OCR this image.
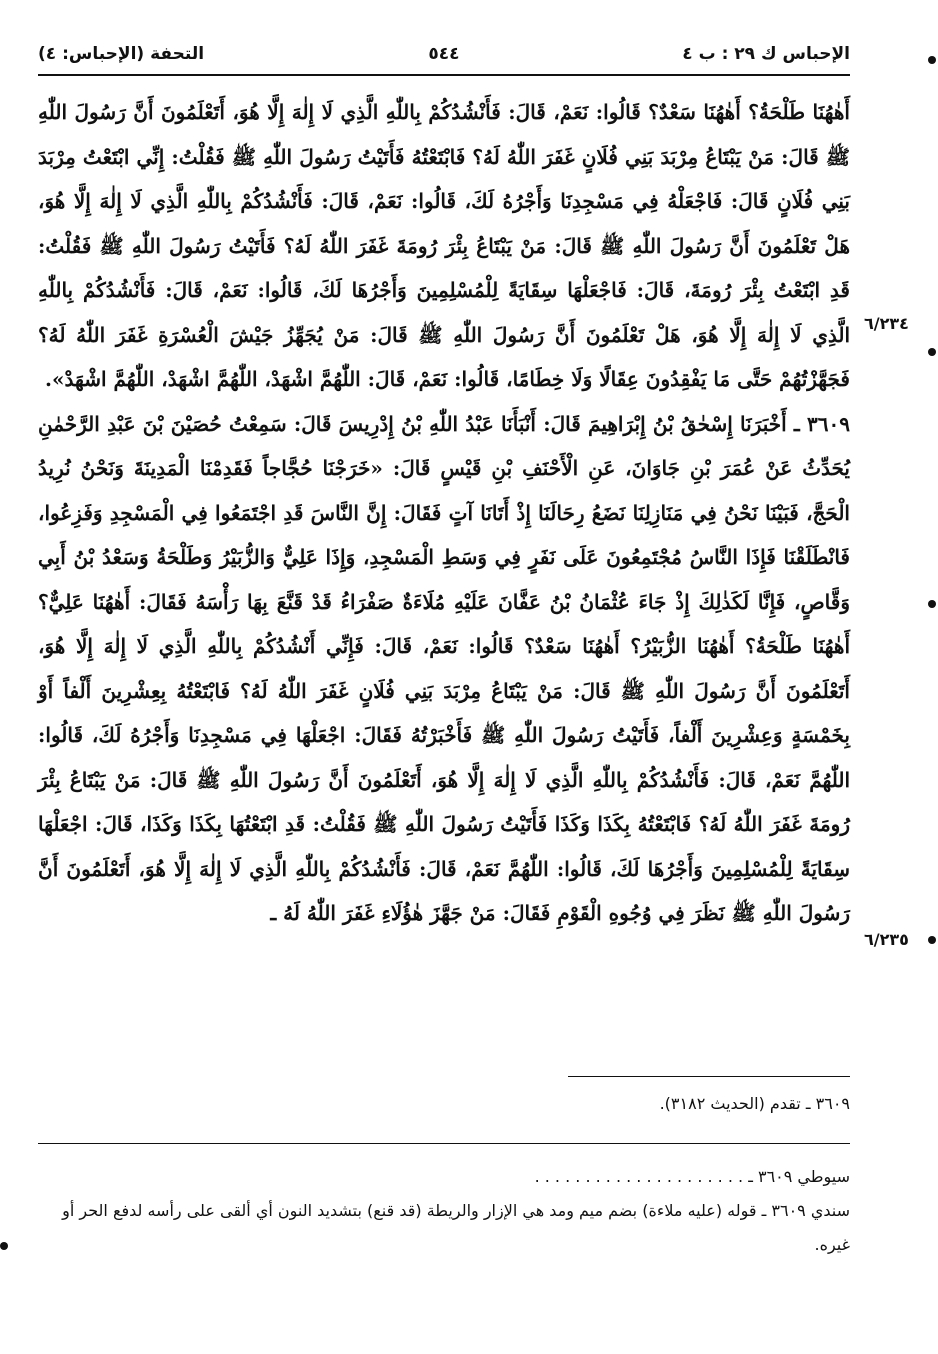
الإحباس ك ٢٩ : ب ٤
٥٤٤
التحفة (الإحباس: ٤)
٦/٢٣٤
٦/٢٣٥

أَهٰهُنَا طَلْحَةُ؟ أَهٰهُنَا سَعْدٌ؟ قَالُوا: نَعَمْ، قَالَ: فَأَنْشُدُكُمْ بِاللّٰهِ الَّذِي لَا إِلٰهَ إِلَّا هُوَ، أَتَعْلَمُونَ أَنَّ رَسُولَ اللّٰهِ ﷺ قَالَ: مَنْ يَبْتَاعُ مِرْبَدَ بَنِي فُلَانٍ غَفَرَ اللّٰهُ لَهُ؟ فَابْتَعْتُهُ فَأَتَيْتُ رَسُولَ اللّٰهِ ﷺ فَقُلْتُ: إِنِّي ابْتَعْتُ مِرْبَدَ بَنِي فُلَانٍ قَالَ: فَاجْعَلْهُ فِي مَسْجِدِنَا وَأَجْرُهُ لَكَ، قَالُوا: نَعَمْ، قَالَ: فَأَنْشُدُكُمْ بِاللّٰهِ الَّذِي لَا إِلٰهَ إِلَّا هُوَ، هَلْ تَعْلَمُونَ أَنَّ رَسُولَ اللّٰهِ ﷺ قَالَ: مَنْ يَبْتَاعُ بِئْرَ رُومَةَ غَفَرَ اللّٰهُ لَهُ؟ فَأَتَيْتُ رَسُولَ اللّٰهِ ﷺ فَقُلْتُ: قَدِ ابْتَعْتُ بِئْرَ رُومَةَ، قَالَ: فَاجْعَلْهَا سِقَايَةً لِلْمُسْلِمِينَ وَأَجْرُهَا لَكَ، قَالُوا: نَعَمْ، قَالَ: فَأَنْشُدُكُمْ بِاللّٰهِ الَّذِي لَا إِلٰهَ إِلَّا هُوَ، هَلْ تَعْلَمُونَ أَنَّ رَسُولَ اللّٰهِ ﷺ قَالَ: مَنْ يُجَهِّزُ جَيْشَ الْعُسْرَةِ غَفَرَ اللّٰهُ لَهُ؟ فَجَهَّزْتُهُمْ حَتَّى مَا يَفْقِدُونَ عِقَالًا وَلَا خِطَامًا، قَالُوا: نَعَمْ، قَالَ: اللّٰهُمَّ اشْهَدْ، اللّٰهُمَّ اشْهَدْ، اللّٰهُمَّ اشْهَدْ».

٣٦٠٩ ـ أَخْبَرَنَا إِسْحٰقُ بْنُ إِبْرَاهِيمَ قَالَ: أَنْبَأَنَا عَبْدُ اللّٰهِ بْنُ إِدْرِيسَ قَالَ: سَمِعْتُ حُصَيْنَ بْنَ عَبْدِ الرَّحْمٰنِ يُحَدِّثُ عَنْ عُمَرَ بْنِ جَاوَانَ، عَنِ الْأَحْنَفِ بْنِ قَيْسٍ قَالَ: «خَرَجْنَا حُجَّاجاً فَقَدِمْنَا الْمَدِينَةَ وَنَحْنُ نُرِيدُ الْحَجَّ، فَبَيْنَا نَحْنُ فِي مَنَازِلِنَا نَضَعُ رِحَالَنَا إِذْ أَتَانَا آتٍ فَقَالَ: إِنَّ النَّاسَ قَدِ اجْتَمَعُوا فِي الْمَسْجِدِ وَفَزِعُوا، فَانْطَلَقْنَا فَإِذَا النَّاسُ مُجْتَمِعُونَ عَلَى نَفَرٍ فِي وَسَطِ الْمَسْجِدِ، وَإِذَا عَلِيٌّ وَالزُّبَيْرُ وَطَلْحَةُ وَسَعْدُ بْنُ أَبِي وَقَّاصٍ، فَإِنَّا لَكَذٰلِكَ إِذْ جَاءَ عُثْمَانُ بْنُ عَفَّانَ عَلَيْهِ مُلَاءَةٌ صَفْرَاءُ قَدْ قَنَّعَ بِهَا رَأْسَهُ فَقَالَ: أَهٰهُنَا عَلِيٌّ؟ أَهٰهُنَا طَلْحَةُ؟ أَهٰهُنَا الزُّبَيْرُ؟ أَهٰهُنَا سَعْدٌ؟ قَالُوا: نَعَمْ، قَالَ: فَإِنِّي أَنْشُدُكُمْ بِاللّٰهِ الَّذِي لَا إِلٰهَ إِلَّا هُوَ، أَتَعْلَمُونَ أَنَّ رَسُولَ اللّٰهِ ﷺ قَالَ: مَنْ يَبْتَاعُ مِرْبَدَ بَنِي فُلَانٍ غَفَرَ اللّٰهُ لَهُ؟ فَابْتَعْتُهُ بِعِشْرِينَ أَلْفاً أَوْ بِخَمْسَةٍ وَعِشْرِينَ أَلْفاً، فَأَتَيْتُ رَسُولَ اللّٰهِ ﷺ فَأَخْبَرْتُهُ فَقَالَ: اجْعَلْهَا فِي مَسْجِدِنَا وَأَجْرُهُ لَكَ، قَالُوا: اللّٰهُمَّ نَعَمْ، قَالَ: فَأَنْشُدُكُمْ بِاللّٰهِ الَّذِي لَا إِلٰهَ إِلَّا هُوَ، أَتَعْلَمُونَ أَنَّ رَسُولَ اللّٰهِ ﷺ قَالَ: مَنْ يَبْتَاعُ بِئْرَ رُومَةَ غَفَرَ اللّٰهُ لَهُ؟ فَابْتَعْتُهُ بِكَذَا وَكَذَا فَأَتَيْتُ رَسُولَ اللّٰهِ ﷺ فَقُلْتُ: قَدِ ابْتَعْتُهَا بِكَذَا وَكَذَا، قَالَ: اجْعَلْهَا سِقَايَةً لِلْمُسْلِمِينَ وَأَجْرُهَا لَكَ، قَالُوا: اللّٰهُمَّ نَعَمْ، قَالَ: فَأَنْشُدُكُمْ بِاللّٰهِ الَّذِي لَا إِلٰهَ إِلَّا هُوَ، أَتَعْلَمُونَ أَنَّ رَسُولَ اللّٰهِ ﷺ نَظَرَ فِي وُجُوهِ الْقَوْمِ فَقَالَ: مَنْ جَهَّزَ هٰؤُلَاءِ غَفَرَ اللّٰهُ لَهُ ـ

٣٦٠٩ ـ تقدم (الحديث ٣١٨٢).

سيوطي ٣٦٠٩ ـ . . . . . . . . . . . . . . . . . . . . .

سندي ٣٦٠٩ ـ قوله (عليه ملاءة) بضم ميم ومد هي الإزار والريطة (قد قنع) بتشديد النون أي ألقى على رأسه لدفع الحر أو غيره.
